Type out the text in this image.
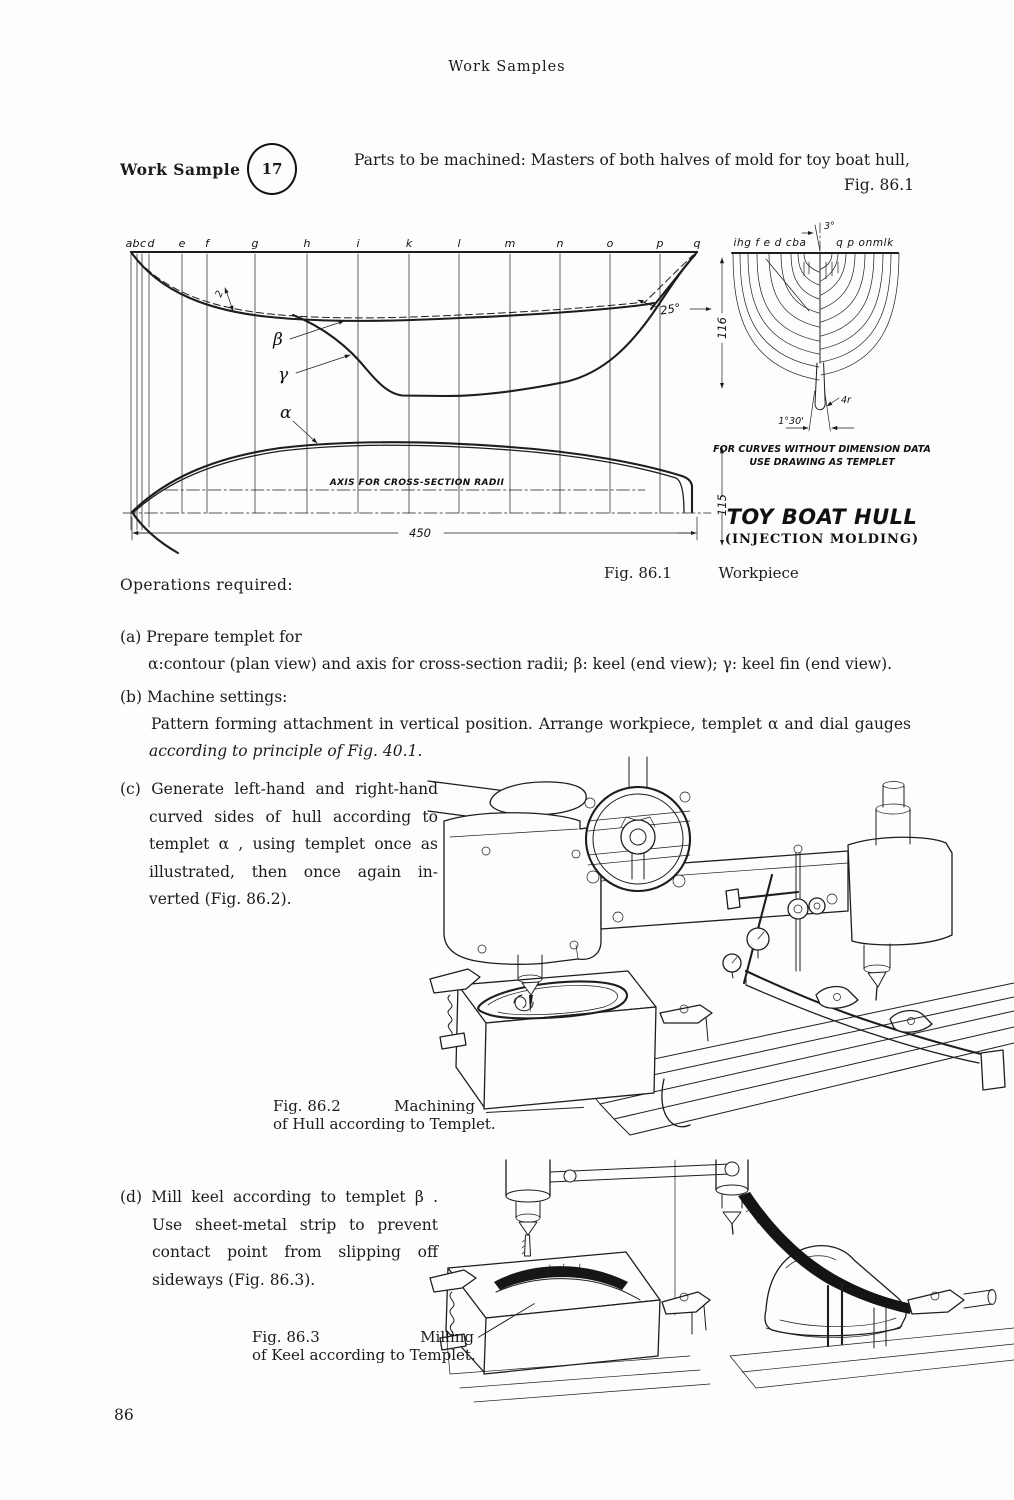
Work Samples
Work Sample	17	Parts to be machined: Masters of both halves of mold for toy boat hull,
Fig. 86.1
a b c d e f	g	h	i	k	l	m	n	o	p	q
2
25°
β
γ
AXIS FOR CROSS-SECTION RADII
α
450
116
115
3°
ihg f e d cba	q p onmlk
4r
1°30'
FOR CURVES WITHOUT DIMENSION DATA
USE DRAWING AS TEMPLET
TOY BOAT HULL
(INJECTION MOLDING)
Fig. 86.1	Workpiece
Operations required:
(a) Prepare templet for
α:contour (plan view) and axis for cross-section radii; β: keel (end view); γ: keel fin (end view).
(b) Machine settings:
Pattern forming attachment in vertical position. Arrange workpiece, templet α and dial gauges
according to principle of Fig. 40.1.
(c) Generate left-hand and right-hand
curved sides of hull according to
templet α , using templet once as
illustrated, then once again in-
verted (Fig. 86.2).
Fig. 86.2	Machining
of Hull according to Templet.
(d) Mill keel according to templet β .
Use sheet-metal strip to prevent
contact point from slipping off
sideways (Fig. 86.3).
Fig. 86.3	Milling
of Keel according to Templet.
86
